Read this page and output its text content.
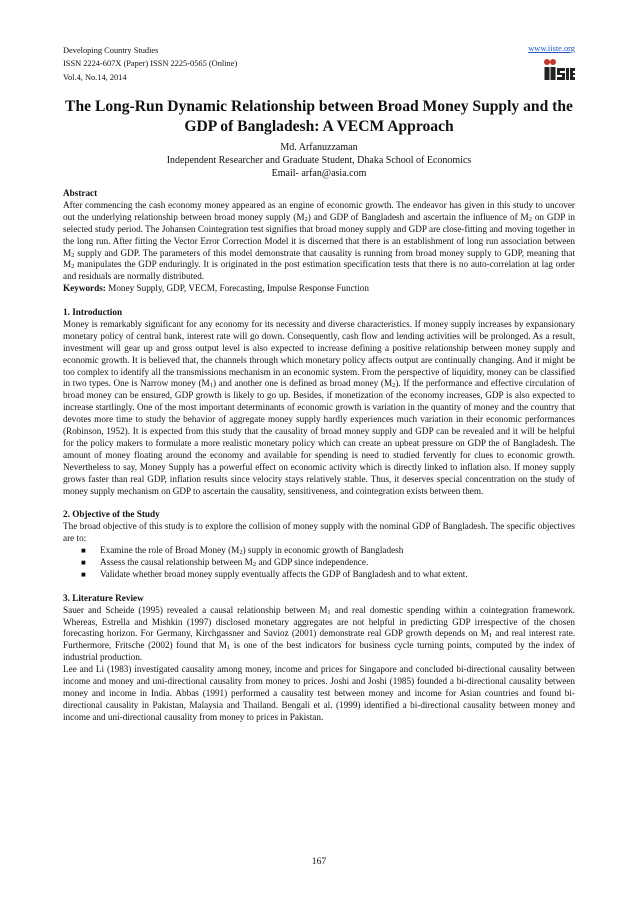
Developing Country Studies
ISSN 2224-607X (Paper) ISSN 2225-0565 (Online)
Vol.4, No.14, 2014
www.iiste.org
The Long-Run Dynamic Relationship between Broad Money Supply and the GDP of Bangladesh: A VECM Approach
Md. Arfanuzzaman
Independent Researcher and Graduate Student, Dhaka School of Economics
Email- arfan@asia.com

Abstract

After commencing the cash economy money appeared as an engine of economic growth. The endeavor has given in this study to uncover out the underlying relationship between broad money supply $(M_2)$ and GDP of Bangladesh and ascertain the influence of $M_2$ on GDP in selected study period. The Johansen Cointegration test signifies that broad money supply and GDP are close-fitting and moving together in the long run. After fitting the Vector Error Correction Model it is discerned that there is an establishment of long run association between $M_2$ supply and GDP. The parameters of this model demonstrate that causality is running from broad money supply to GDP, meaning that $M_2$ manipulates the GDP enduringly. It is originated in the post estimation specification tests that there is no auto-correlation at lag order and residuals are normally distributed.

Keywords: Money Supply, GDP, VECM, Forecasting, Impulse Response Function

1. Introduction

Money is remarkably significant for any economy for its necessity and diverse characteristics. If money supply increases by expansionary monetary policy of central bank, interest rate will go down. Consequently, cash flow and lending activities will be prolonged. As a result, investment will gear up and gross output level is also expected to increase defining a positive relationship between money supply and economic growth. It is believed that, the channels through which monetary policy affects output are continually changing. And it might be too complex to identify all the transmissions mechanism in an economic system. From the perspective of liquidity, money can be classified in two types. One is Narrow money $(M_1)$ and another one is defined as broad money $(M_2)$. If the performance and effective circulation of broad money can be ensured, GDP growth is likely to go up. Besides, if monetization of the economy increases, GDP is also expected to increase startlingly. One of the most important determinants of economic growth is variation in the quantity of money and the country that devotes more time to study the behavior of aggregate money supply hardly experiences much variation in their economic performances (Robinson, 1952). It is expected from this study that the causality of broad money supply and GDP can be revealed and it will be helpful for the policy makers to formulate a more realistic monetary policy which can create an upbeat pressure on GDP the of Bangladesh. The amount of money floating around the economy and available for spending is need to studied fervently for clues to economic growth. Nevertheless to say, Money Supply has a powerful effect on economic activity which is directly linked to inflation also. If money supply grows faster than real GDP, inflation results since velocity stays relatively stable. Thus, it deserves special concentration on the study of money supply mechanism on GDP to ascertain the causality, sensitiveness, and cointegration exists between them.

2. Objective of the Study

The broad objective of this study is to explore the collision of money supply with the nominal GDP of Bangladesh. The specific objectives are to:

■ Examine the role of Broad Money $(M_2)$ supply in economic growth of Bangladesh
■ Assess the causal relationship between $M_2$ and GDP since independence.
■ Validate whether broad money supply eventually affects the GDP of Bangladesh and to what extent.

3. Literature Review

Sauer and Scheide (1995) revealed a causal relationship between $M_1$ and real domestic spending within a cointegration framework. Whereas, Estrella and Mishkin (1997) disclosed monetary aggregates are not helpful in predicting GDP irrespective of the chosen forecasting horizon. For Germany, Kirchgassner and Savioz (2001) demonstrate real GDP growth depends on $M_1$ and real interest rate. Furthermore, Fritsche (2002) found that $M_1$ is one of the best indicators for business cycle turning points, computed by the index of industrial production.

Lee and Li (1983) investigated causality among money, income and prices for Singapore and concluded bi-directional causality between income and money and uni-directional causality from money to prices. Joshi and Joshi (1985) founded a bi-directional causality between money and income in India. Abbas (1991) performed a causality test between money and income for Asian countries and found bi-directional causality in Pakistan, Malaysia and Thailand. Bengali et al. (1999) identified a bi-directional causality between money and income and uni-directional causality from money to prices in Pakistan.

167
